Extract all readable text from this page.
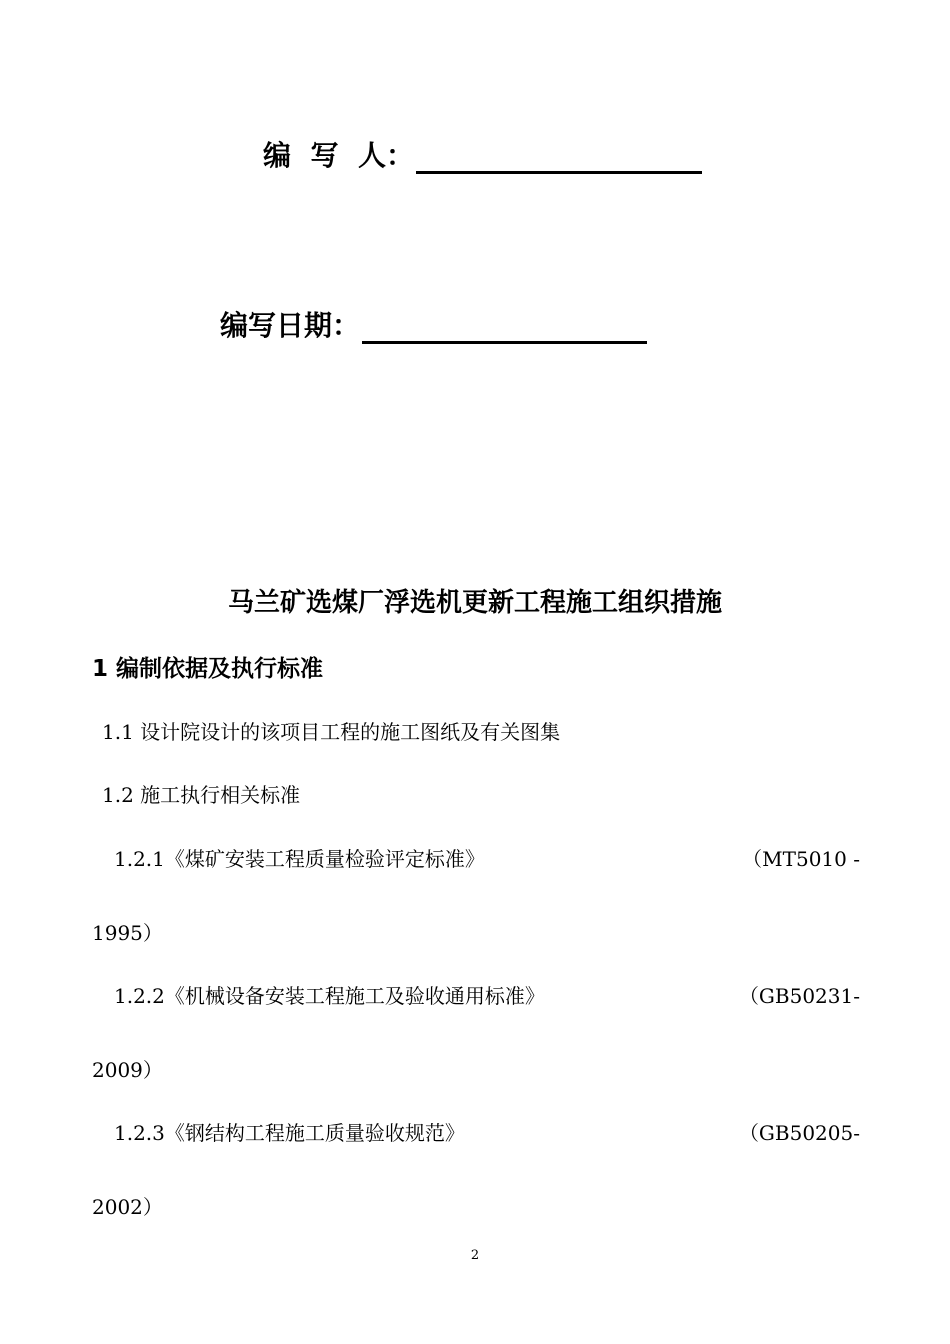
编  写  人：
编写日期：
马兰矿选煤厂浮选机更新工程施工组织措施
1 编制依据及执行标准
1.1 设计院设计的该项目工程的施工图纸及有关图集
1.2 施工执行相关标准
1.2.1《煤矿安装工程质量检验评定标准》	（MT5010 -
1995）
1.2.2《机械设备安装工程施工及验收通用标准》	（GB50231-
2009）
1.2.3《钢结构工程施工质量验收规范》	（GB50205-
2002）
2
